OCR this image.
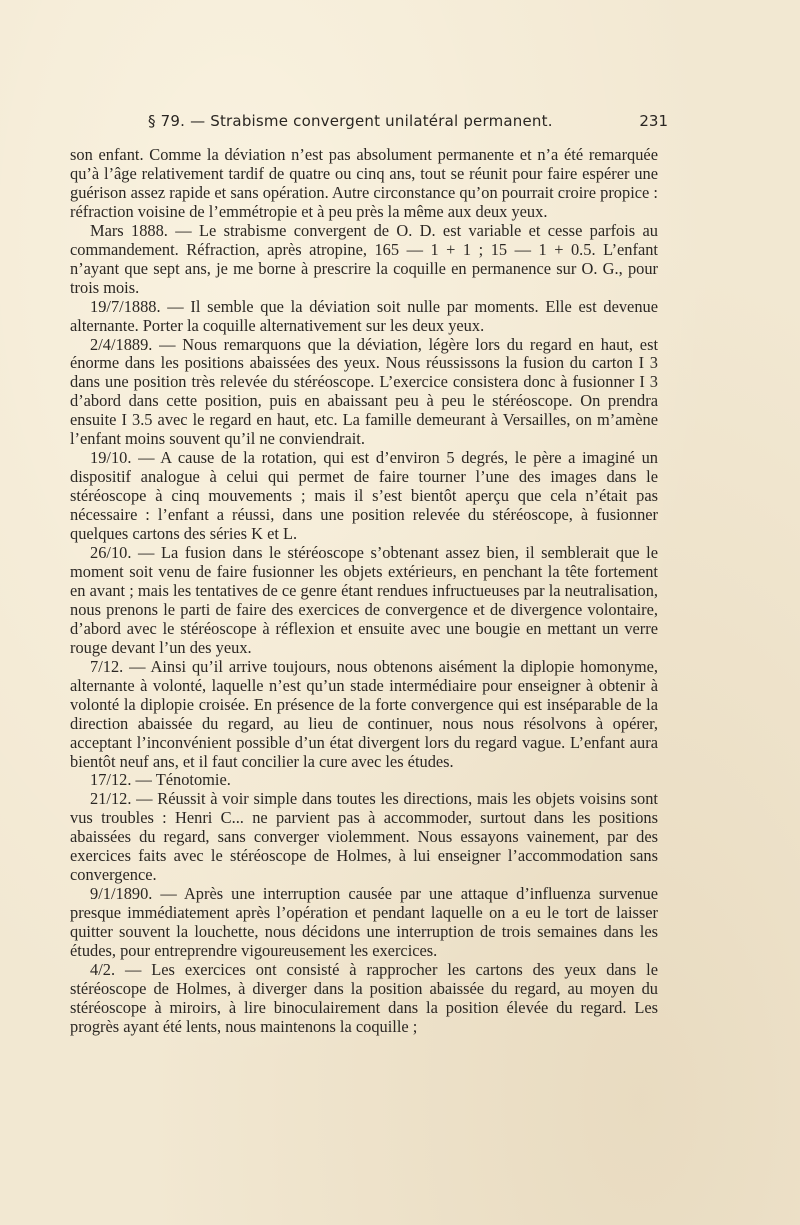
§ 79. — Strabisme convergent unilatéral permanent.	231

son enfant. Comme la déviation n’est pas absolument permanente et n’a été remarquée qu’à l’âge relativement tardif de quatre ou cinq ans, tout se réunit pour faire espérer une guérison assez rapide et sans opération. Autre circonstance qu’on pourrait croire propice : réfraction voisine de l’emmétropie et à peu près la même aux deux yeux.

Mars 1888. — Le strabisme convergent de O. D. est variable et cesse parfois au commandement. Réfraction, après atropine, 165 — 1 + 1 ; 15 — 1 + 0.5. L’enfant n’ayant que sept ans, je me borne à prescrire la coquille en permanence sur O. G., pour trois mois.

19/7/1888. — Il semble que la déviation soit nulle par moments. Elle est devenue alternante. Porter la coquille alternativement sur les deux yeux.

2/4/1889. — Nous remarquons que la déviation, légère lors du regard en haut, est énorme dans les positions abaissées des yeux. Nous réussissons la fusion du carton I 3 dans une position très relevée du stéréoscope. L’exercice consistera donc à fusionner I 3 d’abord dans cette position, puis en abaissant peu à peu le stéréoscope. On prendra ensuite I 3.5 avec le regard en haut, etc. La famille demeurant à Versailles, on m’amène l’enfant moins souvent qu’il ne conviendrait.

19/10. — A cause de la rotation, qui est d’environ 5 degrés, le père a imaginé un dispositif analogue à celui qui permet de faire tourner l’une des images dans le stéréoscope à cinq mouvements ; mais il s’est bientôt aperçu que cela n’était pas nécessaire : l’enfant a réussi, dans une position relevée du stéréoscope, à fusionner quelques cartons des séries K et L.

26/10. — La fusion dans le stéréoscope s’obtenant assez bien, il semblerait que le moment soit venu de faire fusionner les objets extérieurs, en penchant la tête fortement en avant ; mais les tentatives de ce genre étant rendues infructueuses par la neutralisation, nous prenons le parti de faire des exercices de convergence et de divergence volontaire, d’abord avec le stéréoscope à réflexion et ensuite avec une bougie en mettant un verre rouge devant l’un des yeux.

7/12. — Ainsi qu’il arrive toujours, nous obtenons aisément la diplopie homonyme, alternante à volonté, laquelle n’est qu’un stade intermédiaire pour enseigner à obtenir à volonté la diplopie croisée. En présence de la forte convergence qui est inséparable de la direction abaissée du regard, au lieu de continuer, nous nous résolvons à opérer, acceptant l’inconvénient possible d’un état divergent lors du regard vague. L’enfant aura bientôt neuf ans, et il faut concilier la cure avec les études.

17/12. — Ténotomie.

21/12. — Réussit à voir simple dans toutes les directions, mais les objets voisins sont vus troubles : Henri C... ne parvient pas à accommoder, surtout dans les positions abaissées du regard, sans converger violemment. Nous essayons vainement, par des exercices faits avec le stéréoscope de Holmes, à lui enseigner l’accommodation sans convergence.

9/1/1890. — Après une interruption causée par une attaque d’influenza survenue presque immédiatement après l’opération et pendant laquelle on a eu le tort de laisser quitter souvent la louchette, nous décidons une interruption de trois semaines dans les études, pour entreprendre vigoureusement les exercices.

4/2. — Les exercices ont consisté à rapprocher les cartons des yeux dans le stéréoscope de Holmes, à diverger dans la position abaissée du regard, au moyen du stéréoscope à miroirs, à lire binoculairement dans la position élevée du regard. Les progrès ayant été lents, nous maintenons la coquille ;
